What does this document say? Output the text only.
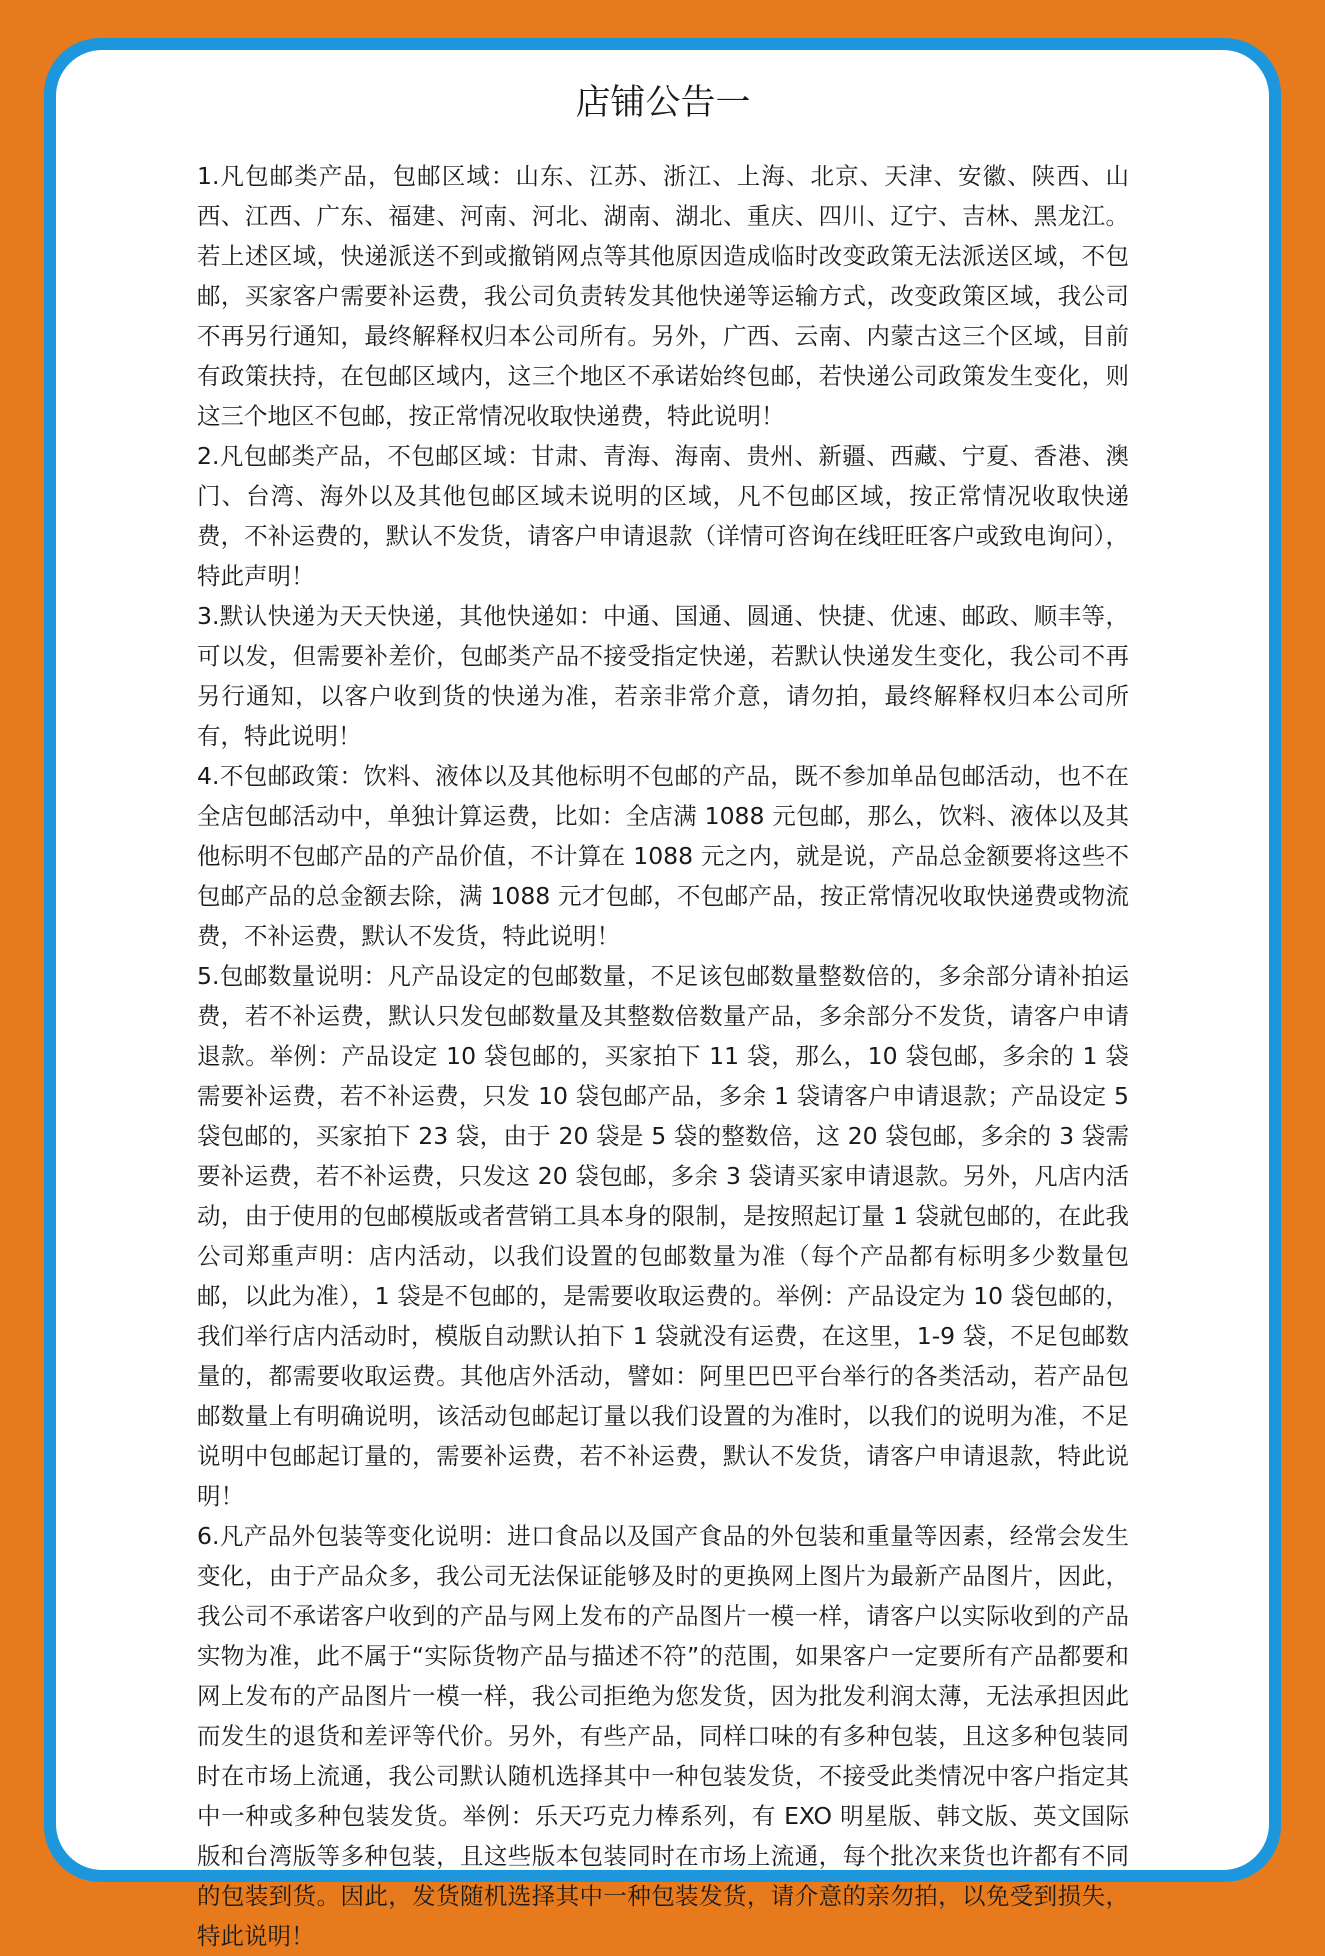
店铺公告一

1.凡包邮类产品，包邮区域：山东、江苏、浙江、上海、北京、天津、安徽、陕西、山西、江西、广东、福建、河南、河北、湖南、湖北、重庆、四川、辽宁、吉林、黑龙江。若上述区域，快递派送不到或撤销网点等其他原因造成临时改变政策无法派送区域，不包邮，买家客户需要补运费，我公司负责转发其他快递等运输方式，改变政策区域，我公司不再另行通知，最终解释权归本公司所有。另外，广西、云南、内蒙古这三个区域，目前有政策扶持，在包邮区域内，这三个地区不承诺始终包邮，若快递公司政策发生变化，则这三个地区不包邮，按正常情况收取快递费，特此说明！

2.凡包邮类产品，不包邮区域：甘肃、青海、海南、贵州、新疆、西藏、宁夏、香港、澳门、台湾、海外以及其他包邮区域未说明的区域，凡不包邮区域，按正常情况收取快递费，不补运费的，默认不发货，请客户申请退款（详情可咨询在线旺旺客户或致电询问），特此声明！

3.默认快递为天天快递，其他快递如：中通、国通、圆通、快捷、优速、邮政、顺丰等，可以发，但需要补差价，包邮类产品不接受指定快递，若默认快递发生变化，我公司不再另行通知，以客户收到货的快递为准，若亲非常介意，请勿拍，最终解释权归本公司所有，特此说明！

4.不包邮政策：饮料、液体以及其他标明不包邮的产品，既不参加单品包邮活动，也不在全店包邮活动中，单独计算运费，比如：全店满 1088 元包邮，那么，饮料、液体以及其他标明不包邮产品的产品价值，不计算在 1088 元之内，就是说，产品总金额要将这些不包邮产品的总金额去除，满 1088 元才包邮，不包邮产品，按正常情况收取快递费或物流费，不补运费，默认不发货，特此说明！

5.包邮数量说明：凡产品设定的包邮数量，不足该包邮数量整数倍的，多余部分请补拍运费，若不补运费，默认只发包邮数量及其整数倍数量产品，多余部分不发货，请客户申请退款。举例：产品设定 10 袋包邮的，买家拍下 11 袋，那么，10 袋包邮，多余的 1 袋需要补运费，若不补运费，只发 10 袋包邮产品，多余 1 袋请客户申请退款；产品设定 5 袋包邮的，买家拍下 23 袋，由于 20 袋是 5 袋的整数倍，这 20 袋包邮，多余的 3 袋需要补运费，若不补运费，只发这 20 袋包邮，多余 3 袋请买家申请退款。另外，凡店内活动，由于使用的包邮模版或者营销工具本身的限制，是按照起订量 1 袋就包邮的，在此我公司郑重声明：店内活动，以我们设置的包邮数量为准（每个产品都有标明多少数量包邮，以此为准），1 袋是不包邮的，是需要收取运费的。举例：产品设定为 10 袋包邮的，我们举行店内活动时，模版自动默认拍下 1 袋就没有运费，在这里，1-9 袋，不足包邮数量的，都需要收取运费。其他店外活动，譬如：阿里巴巴平台举行的各类活动，若产品包邮数量上有明确说明，该活动包邮起订量以我们设置的为准时，以我们的说明为准，不足说明中包邮起订量的，需要补运费，若不补运费，默认不发货，请客户申请退款，特此说明！

6.凡产品外包装等变化说明：进口食品以及国产食品的外包装和重量等因素，经常会发生变化，由于产品众多，我公司无法保证能够及时的更换网上图片为最新产品图片，因此，我公司不承诺客户收到的产品与网上发布的产品图片一模一样，请客户以实际收到的产品实物为准，此不属于“实际货物产品与描述不符”的范围，如果客户一定要所有产品都要和网上发布的产品图片一模一样，我公司拒绝为您发货，因为批发利润太薄，无法承担因此而发生的退货和差评等代价。另外，有些产品，同样口味的有多种包装，且这多种包装同时在市场上流通，我公司默认随机选择其中一种包装发货，不接受此类情况中客户指定其中一种或多种包装发货。举例：乐天巧克力棒系列，有 EXO 明星版、韩文版、英文国际版和台湾版等多种包装，且这些版本包装同时在市场上流通，每个批次来货也许都有不同的包装到货。因此，发货随机选择其中一种包装发货，请介意的亲勿拍，以免受到损失，特此说明！
